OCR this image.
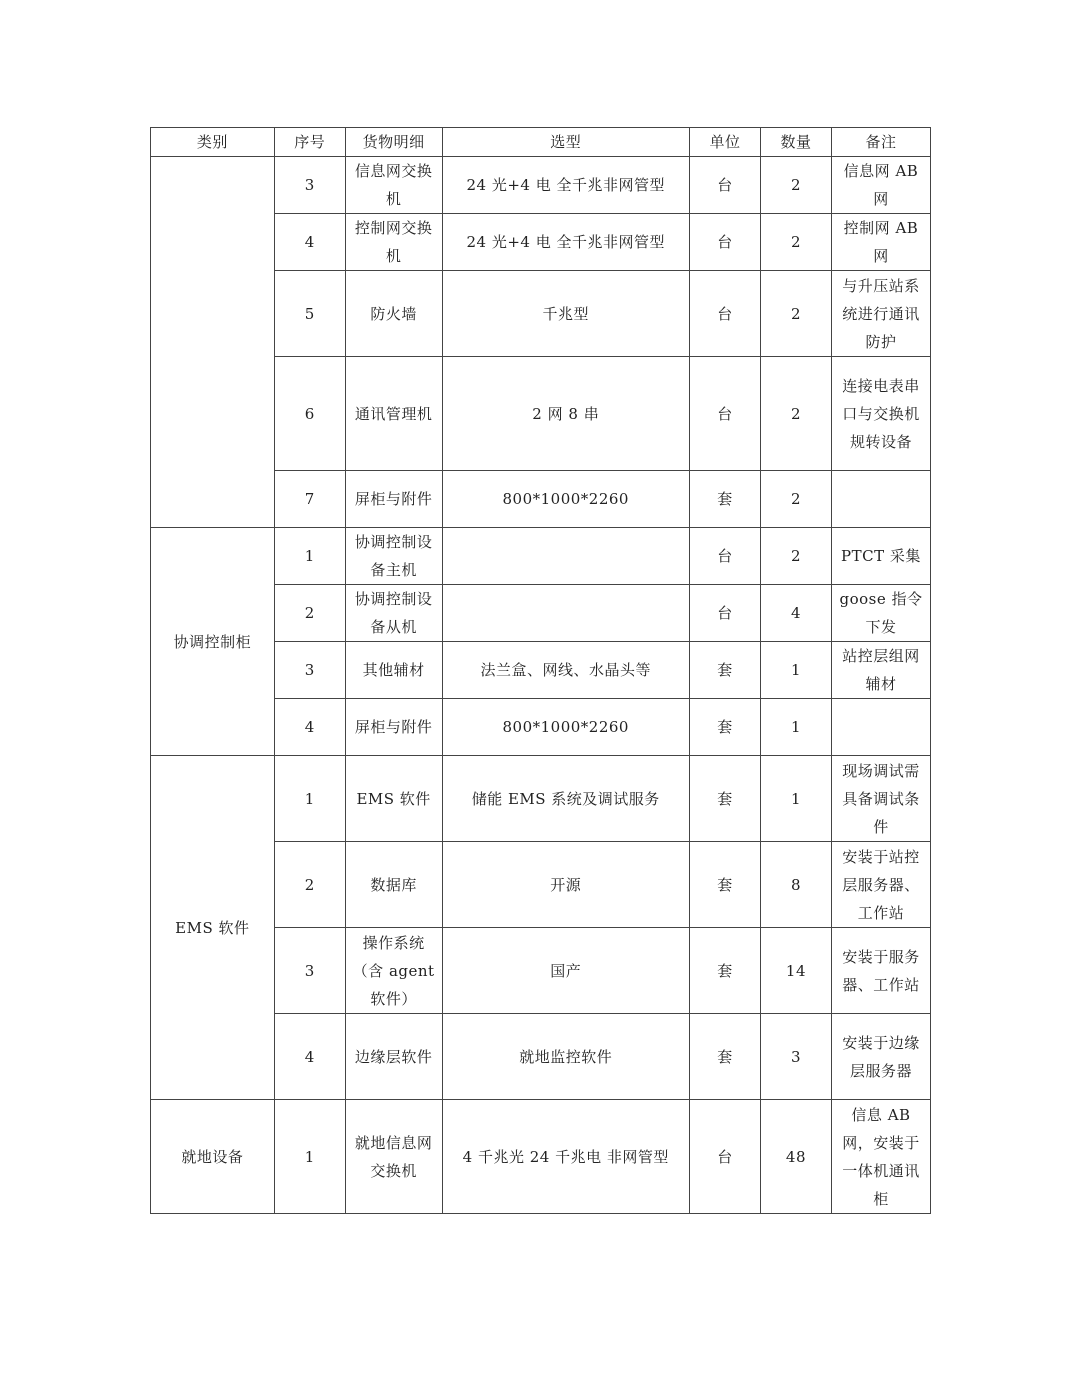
类别	序号	货物明细	选型	单位	数量	备注
	3	信息网交换机	24 光+4 电 全千兆非网管型	台	2	信息网 AB 网
	4	控制网交换机	24 光+4 电 全千兆非网管型	台	2	控制网 AB 网
	5	防火墙	千兆型	台	2	与升压站系统进行通讯防护
	6	通讯管理机	2 网 8 串	台	2	连接电表串口与交换机 规转设备
	7	屏柜与附件	800*1000*2260	套	2	
协调控制柜	1	协调控制设备主机		台	2	PTCT 采集
	2	协调控制设备从机		台	4	goose 指令下发
	3	其他辅材	法兰盒、网线、水晶头等	套	1	站控层组网辅材
	4	屏柜与附件	800*1000*2260	套	1	
EMS 软件	1	EMS 软件	储能 EMS 系统及调试服务	套	1	现场调试需具备调试条件
	2	数据库	开源	套	8	安装于站控层服务器、工作站
	3	操作系统（含 agent 软件）	国产	套	14	安装于服务器、工作站
	4	边缘层软件	就地监控软件	套	3	安装于边缘层服务器
就地设备	1	就地信息网交换机	4 千兆光 24 千兆电 非网管型	台	48	信息 AB 网，安装于一体机通讯柜
